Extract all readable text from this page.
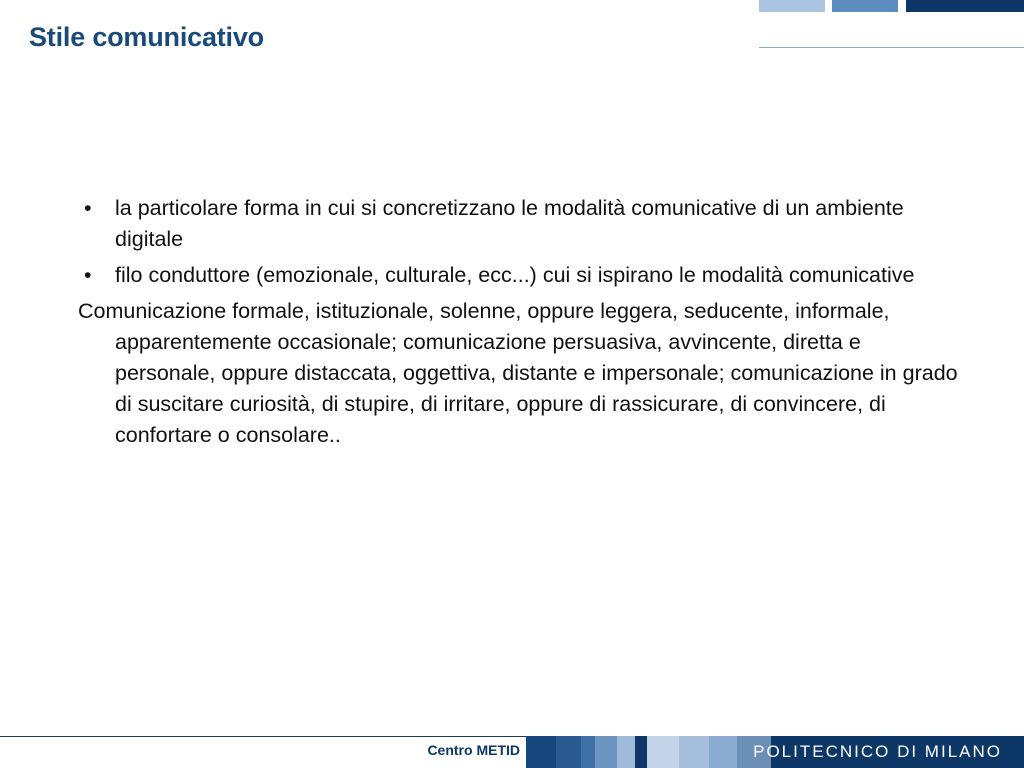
Stile comunicativo
• la particolare forma in cui si concretizzano le modalità comunicative di un ambiente digitale
• filo conduttore (emozionale, culturale, ecc...) cui si ispirano le modalità comunicative

Comunicazione formale, istituzionale, solenne, oppure leggera, seducente, informale, apparentemente occasionale; comunicazione persuasiva, avvincente, diretta e personale, oppure distaccata, oggettiva, distante e impersonale; comunicazione in grado di suscitare curiosità, di stupire, di irritare, oppure di rassicurare, di convincere, di confortare o consolare..

Centro METID	POLITECNICO DI MILANO
